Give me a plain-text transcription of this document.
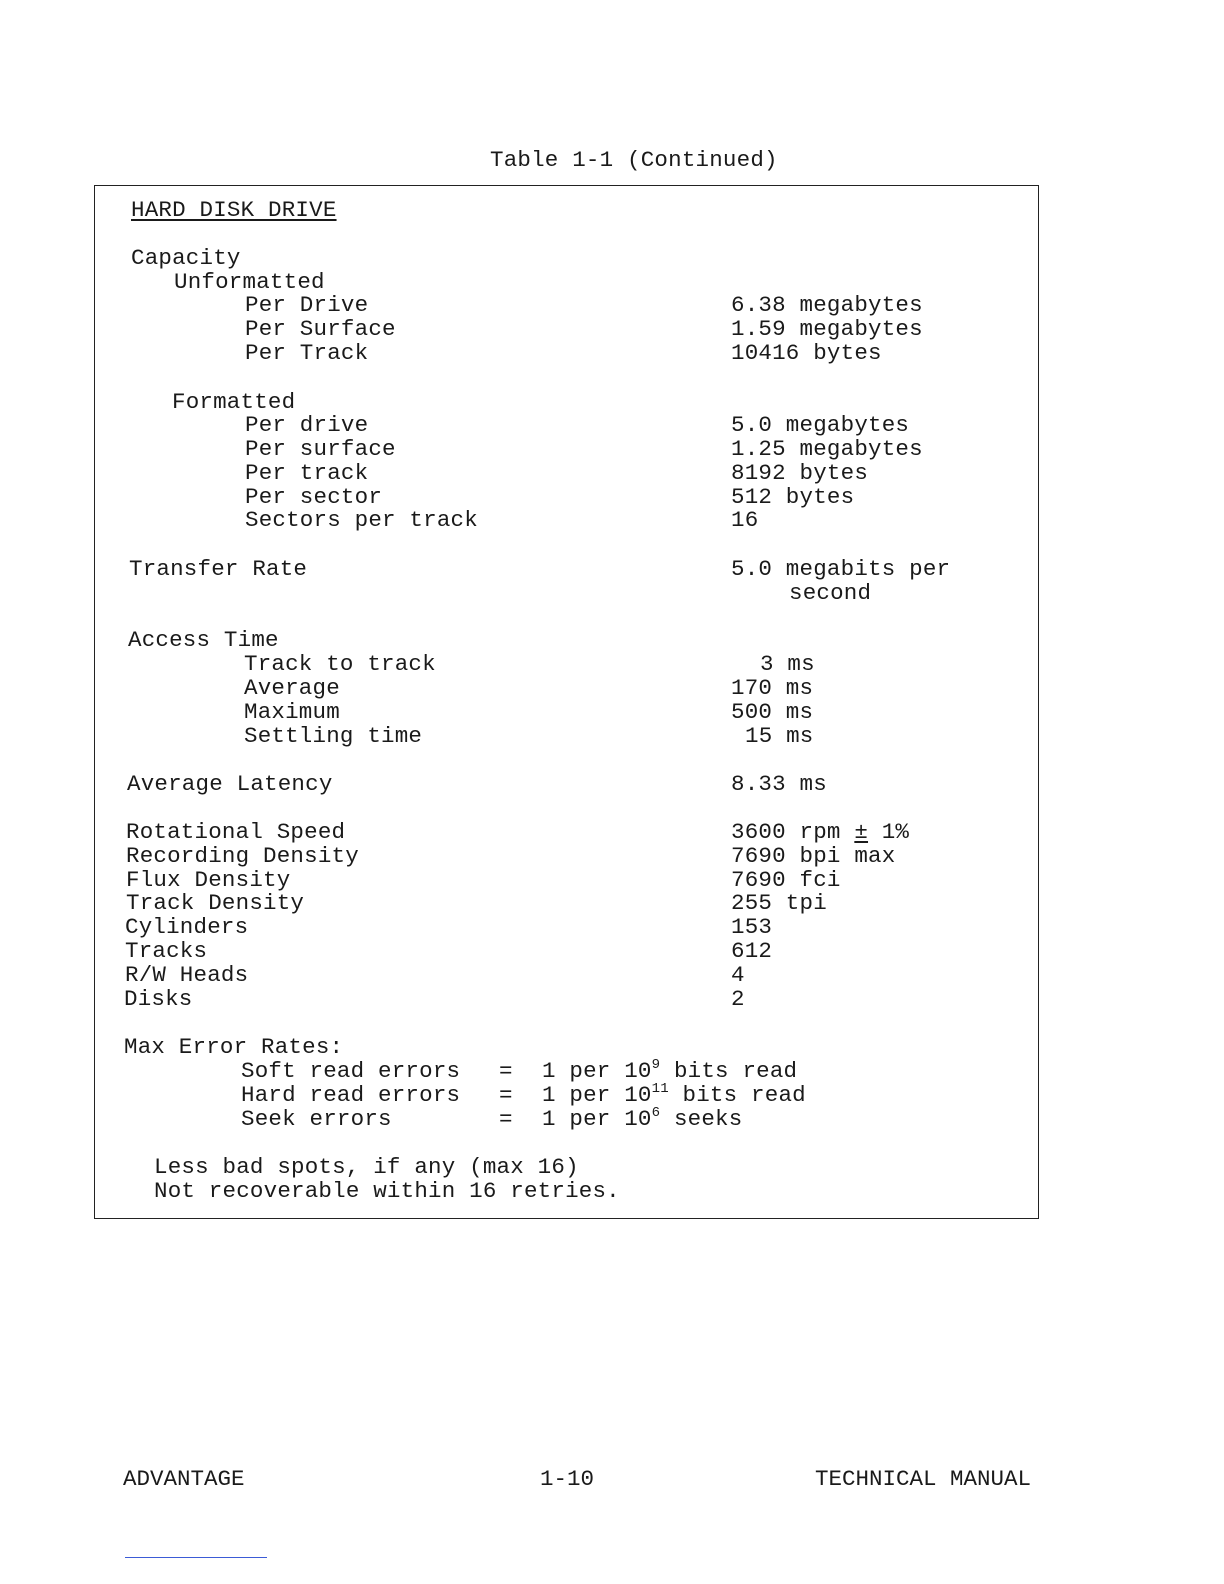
Table 1-1 (Continued)
HARD DISK DRIVE
Capacity
Unformatted
Per Drive	6.38 megabytes
Per Surface	1.59 megabytes
Per Track	10416 bytes
Formatted
Per drive	5.0 megabytes
Per surface	1.25 megabytes
Per track	8192 bytes
Per sector	512 bytes
Sectors per track	16
Transfer Rate	5.0 megabits per
second
Access Time
Track to track	3 ms
Average	170 ms
Maximum	500 ms
Settling time	15 ms
Average Latency	8.33 ms
Rotational Speed	3600 rpm ± 1%
Recording Density	7690 bpi max
Flux Density	7690 fci
Track Density	255 tpi
Cylinders	153
Tracks	612
R/W Heads	4
Disks	2
Max Error Rates:
Soft read errors = 1 per $10^9$ bits read
Hard read errors = 1 per $10^{11}$ bits read
Seek errors	= 1 per $10^6$ seeks
Less bad spots, if any (max 16)
Not recoverable within 16 retries.
ADVANTAGE	1-10	TECHNICAL MANUAL
